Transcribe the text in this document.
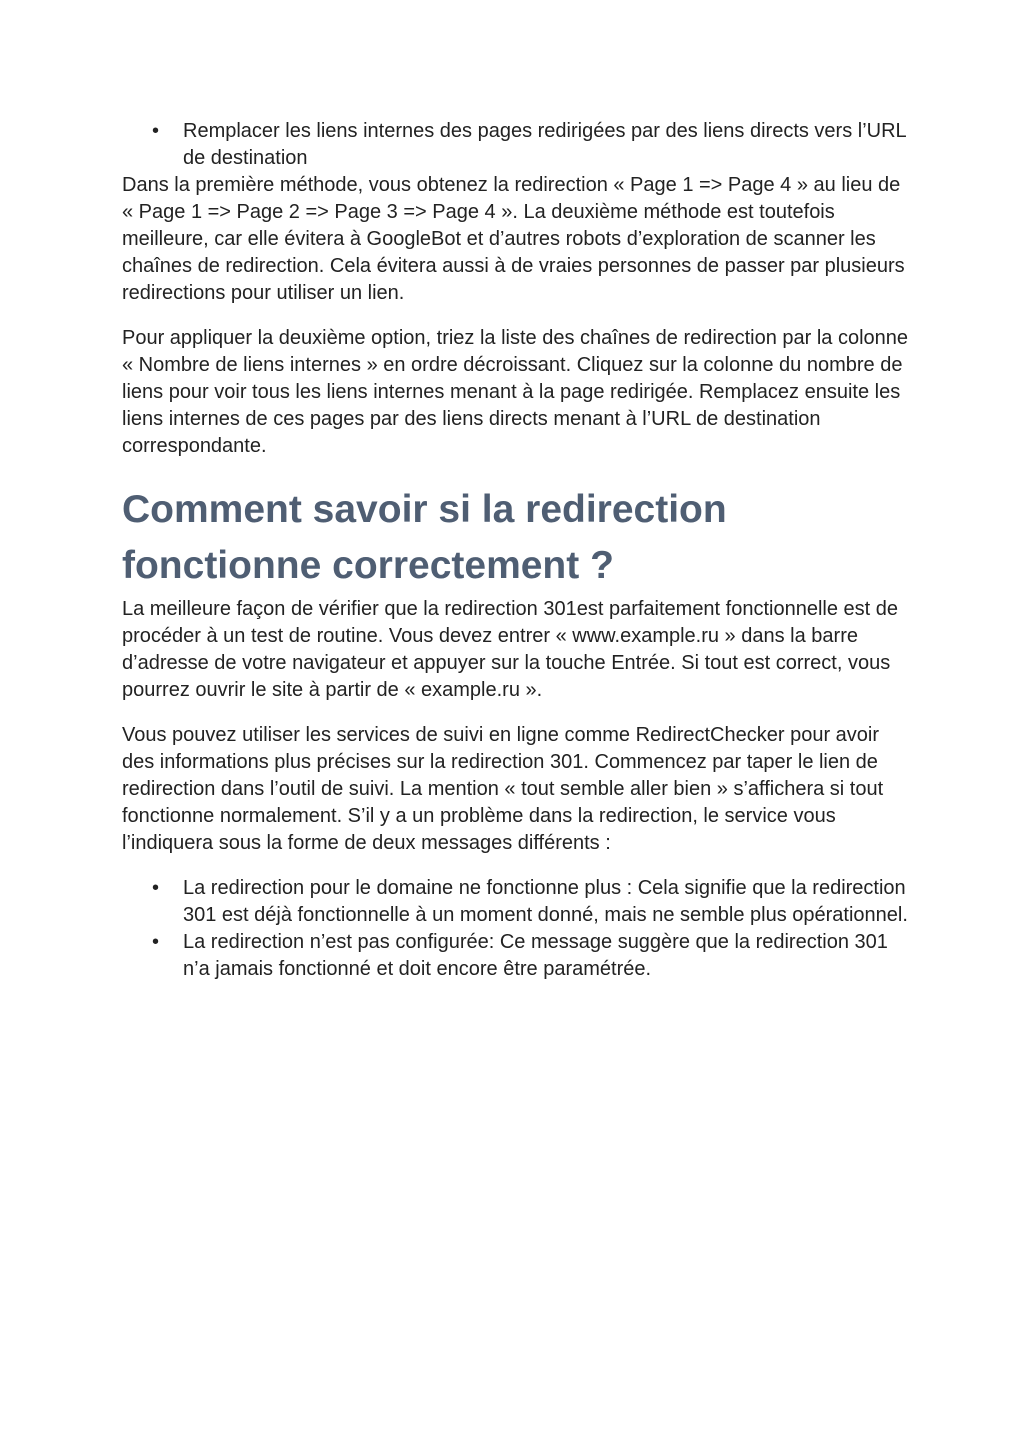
• Remplacer les liens internes des pages redirigées par des liens directs vers l’URL de destination

Dans la première méthode, vous obtenez la redirection « Page 1 => Page 4 » au lieu de « Page 1 => Page 2 => Page 3 => Page 4 ». La deuxième méthode est toutefois meilleure, car elle évitera à GoogleBot et d’autres robots d’exploration de scanner les chaînes de redirection. Cela évitera aussi à de vraies personnes de passer par plusieurs redirections pour utiliser un lien.

Pour appliquer la deuxième option, triez la liste des chaînes de redirection par la colonne « Nombre de liens internes » en ordre décroissant. Cliquez sur la colonne du nombre de liens pour voir tous les liens internes menant à la page redirigée. Remplacez ensuite les liens internes de ces pages par des liens directs menant à l’URL de destination correspondante.

Comment savoir si la redirection fonctionne correctement ?

La meilleure façon de vérifier que la redirection 301est parfaitement fonctionnelle est de procéder à un test de routine. Vous devez entrer « www.example.ru » dans la barre d’adresse de votre navigateur et appuyer sur la touche Entrée. Si tout est correct, vous pourrez ouvrir le site à partir de « example.ru ».

Vous pouvez utiliser les services de suivi en ligne comme RedirectChecker pour avoir des informations plus précises sur la redirection 301. Commencez par taper le lien de redirection dans l’outil de suivi. La mention « tout semble aller bien » s’affichera si tout fonctionne normalement. S’il y a un problème dans la redirection, le service vous l’indiquera sous la forme de deux messages différents :

• La redirection pour le domaine ne fonctionne plus : Cela signifie que la redirection 301 est déjà fonctionnelle à un moment donné, mais ne semble plus opérationnel.
• La redirection n’est pas configurée: Ce message suggère que la redirection 301 n’a jamais fonctionné et doit encore être paramétrée.
